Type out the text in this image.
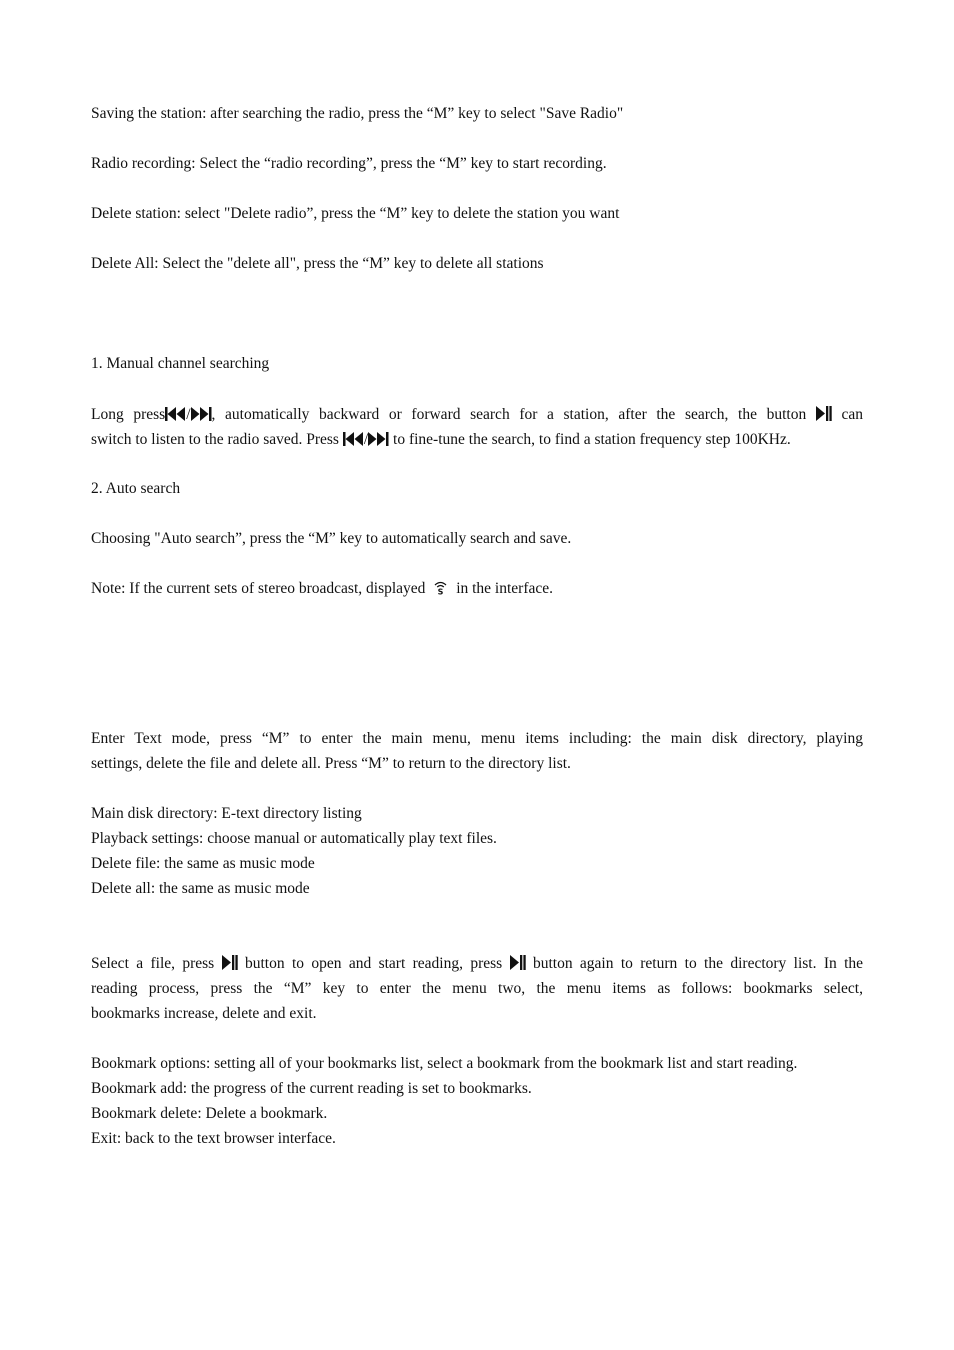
Saving the station: after searching the radio, press the “M” key to select "Save Radio"
Radio recording: Select the “radio recording”, press the “M” key to start recording.
Delete station: select "Delete radio”, press the “M” key to delete the station you want
Delete All: Select the "delete all", press the “M” key to delete all stations
1. Manual channel searching
Long press / , automatically backward or forward search for a station, after the search, the button can
switch to listen to the radio saved. Press / to fine-tune the search, to find a station frequency step 100KHz.
2. Auto search
Choosing "Auto search”, press the “M” key to automatically search and save.
Note: If the current sets of stereo broadcast, displayed S in the interface.
Enter Text mode, press “M” to enter the main menu, menu items including: the main disk directory, playing
settings, delete the file and delete all. Press “M” to return to the directory list.
Main disk directory: E-text directory listing
Playback settings: choose manual or automatically play text files.
Delete file: the same as music mode
Delete all: the same as music mode
Select a file, press button to open and start reading, press button again to return to the directory list. In the
reading process, press the “M” key to enter the menu two, the menu items as follows: bookmarks select,
bookmarks increase, delete and exit.
Bookmark options: setting all of your bookmarks list, select a bookmark from the bookmark list and start reading.
Bookmark add: the progress of the current reading is set to bookmarks.
Bookmark delete: Delete a bookmark.
Exit: back to the text browser interface.
